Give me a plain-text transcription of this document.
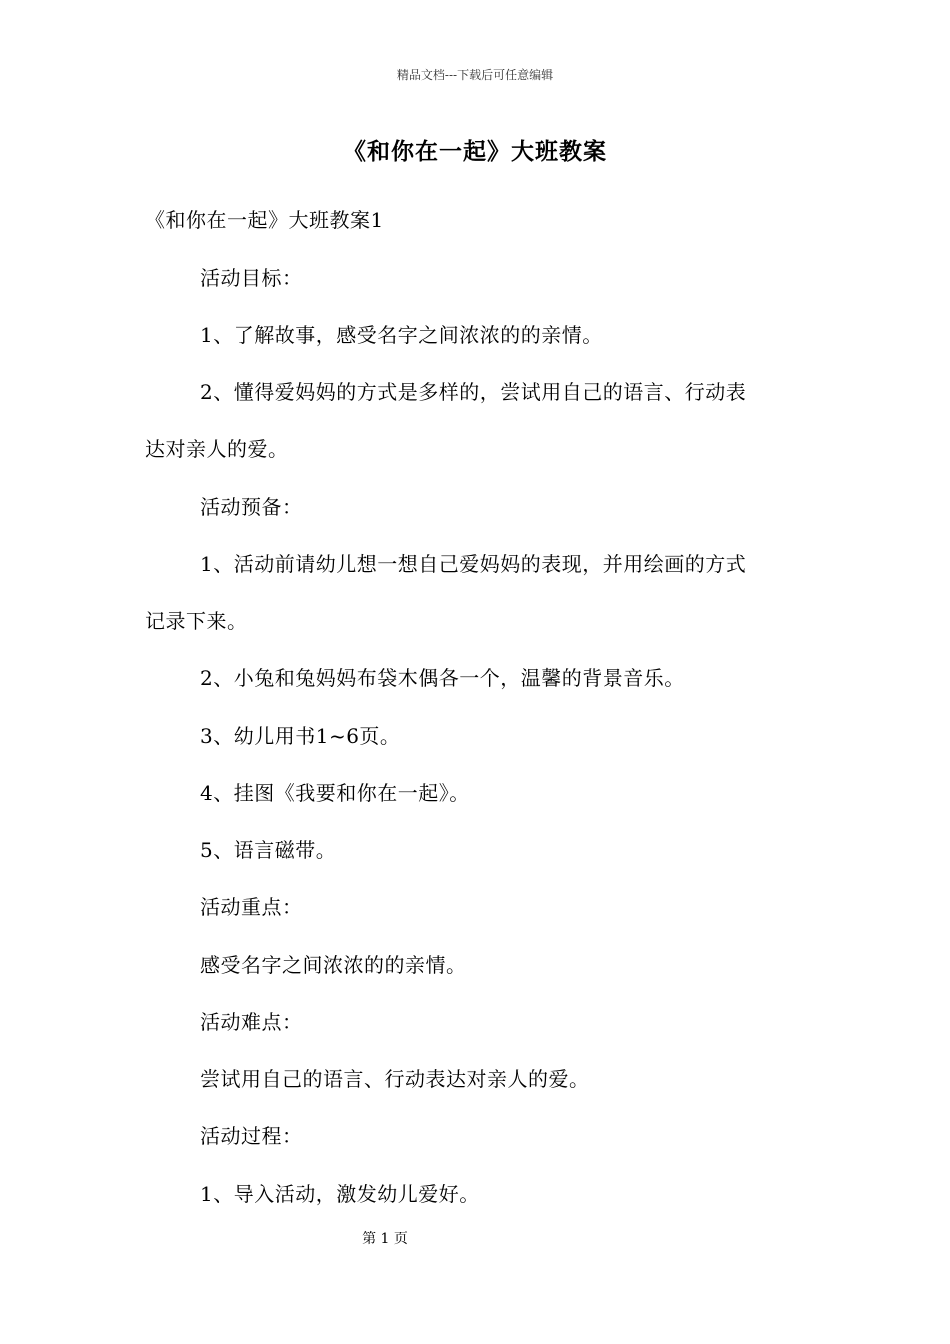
精品文档---下载后可任意编辑
《和你在一起》大班教案
《和你在一起》大班教案1
活动目标：
1、了解故事，感受名字之间浓浓的的亲情。
2、懂得爱妈妈的方式是多样的，尝试用自己的语言、行动表
达对亲人的爱。
活动预备：
1、活动前请幼儿想一想自己爱妈妈的表现，并用绘画的方式
记录下来。
2、小兔和兔妈妈布袋木偶各一个，温馨的背景音乐。
3、幼儿用书1~6页。
4、挂图《我要和你在一起》。
5、语言磁带。
活动重点：
感受名字之间浓浓的的亲情。
活动难点：
尝试用自己的语言、行动表达对亲人的爱。
活动过程：
1、导入活动，激发幼儿爱好。
第 1 页
